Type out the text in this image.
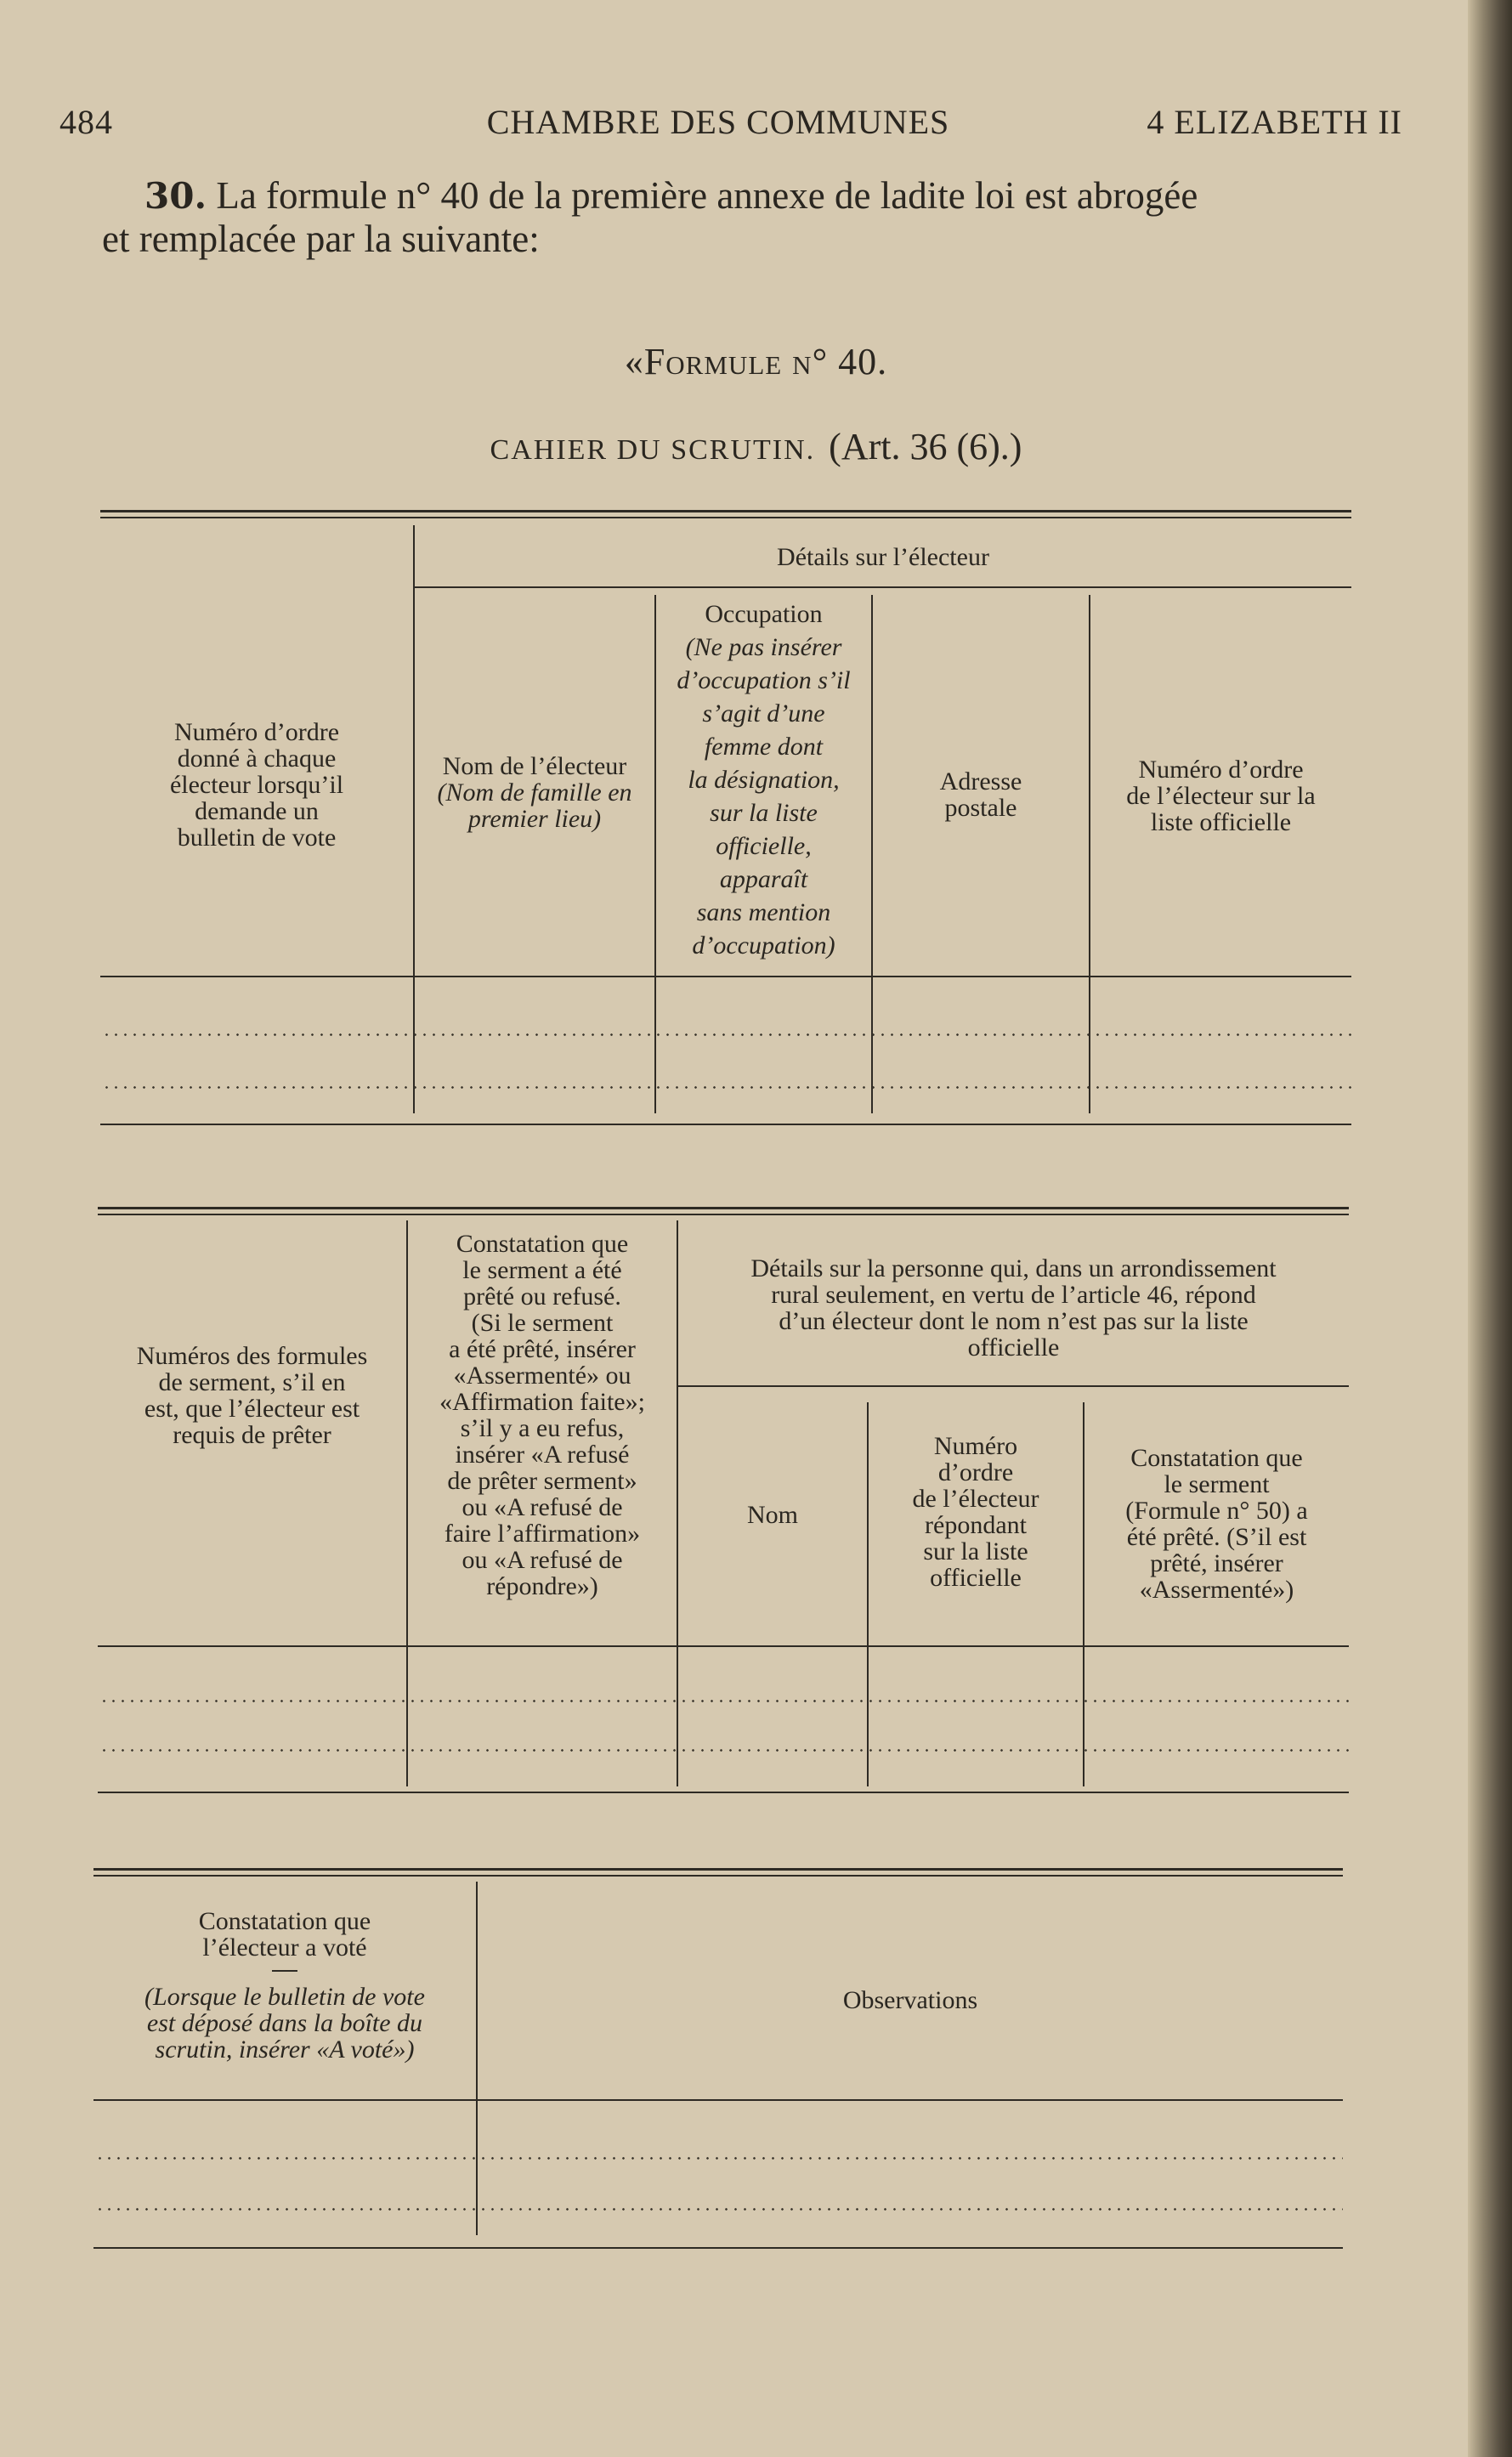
484	CHAMBRE DES COMMUNES	4 ELIZABETH II
30. La formule n° 40 de la première annexe de ladite loi est abrogée
et remplacée par la suivante:
«Formule n° 40.
CAHIER DU SCRUTIN. (Art. 36 (6).)
Détails sur l’électeur
Numéro d’ordre
donné à chaque
électeur lorsqu’il
demande un
bulletin de vote
Nom de l’électeur
(Nom de famille en
premier lieu)
Occupation
(Ne pas insérer
d’occupation s’il
s’agit d’une
femme dont
la désignation,
sur la liste
officielle,
apparaît
sans mention
d’occupation)
Adresse
postale
Numéro d’ordre
de l’électeur sur la
liste officielle
Numéros des formules
de serment, s’il en
est, que l’électeur est
requis de prêter
Constatation que
le serment a été
prêté ou refusé.
(Si le serment
a été prêté, insérer
«Assermenté» ou
«Affirmation faite»;
s’il y a eu refus,
insérer «A refusé
de prêter serment»
ou «A refusé de
faire l’affirmation»
ou «A refusé de
répondre»)
Détails sur la personne qui, dans un arrondissement
rural seulement, en vertu de l’article 46, répond
d’un électeur dont le nom n’est pas sur la liste
officielle
Nom
Numéro
d’ordre
de l’électeur
répondant
sur la liste
officielle
Constatation que
le serment
(Formule n° 50) a
été prêté. (S’il est
prêté, insérer
«Assermenté»)
Constatation que
l’électeur a voté
(Lorsque le bulletin de vote
est déposé dans la boîte du
scrutin, insérer «A voté»)
Observations
